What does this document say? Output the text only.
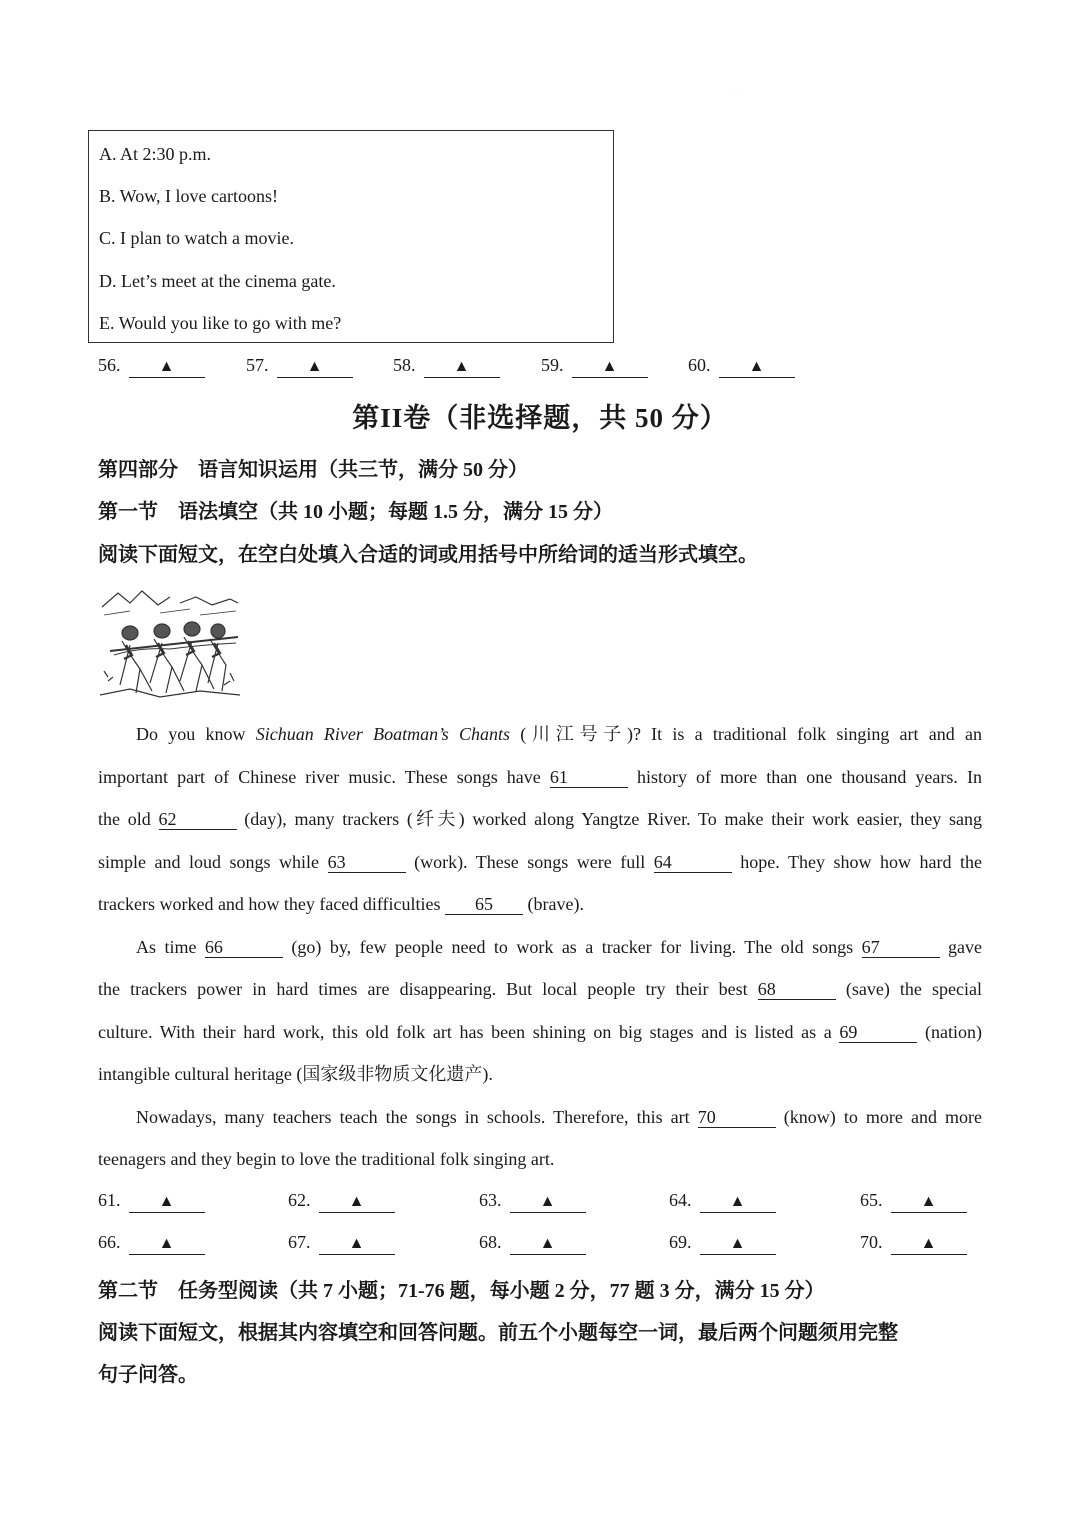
·
A. At 2:30 p.m.
B. Wow, I love cartoons!
C. I plan to watch a movie.
D. Let’s meet at the cinema gate.
E. Would you like to go with me?
56. ▲	57. ▲	58. ▲	59. ▲	60. ▲
第II卷（非选择题，共 50 分）
第四部分　语言知识运用（共三节，满分 50 分）
第一节　语法填空（共 10 小题；每题 1.5 分，满分 15 分）
阅读下面短文，在空白处填入合适的词或用括号中所给词的适当形式填空。
Do you know Sichuan River Boatman’s Chants (川江号子)? It is a traditional folk singing art and an
important part of Chinese river music. These songs have 61	history of more than one thousand years. In
the old 62	(day), many trackers (纤夫) worked along Yangtze River. To make their work easier, they sang
simple and loud songs while 63	(work). These songs were full 64	hope. They show how hard the
trackers worked and how they faced difficulties 65 (brave).
As time 66	(go) by, few people need to work as a tracker for living. The old songs 67	gave
the trackers power in hard times are disappearing. But local people try their best 68	(save) the special
culture. With their hard work, this old folk art has been shining on big stages and is listed as a 69	(nation)
intangible cultural heritage (国家级非物质文化遗产).
Nowadays, many teachers teach the songs in schools. Therefore, this art 70	(know) to more and more
teenagers and they begin to love the traditional folk singing art.
61. ▲	62. ▲	63. ▲	64. ▲	65. ▲
66. ▲	67. ▲	68. ▲	69. ▲	70. ▲
第二节　任务型阅读（共 7 小题；71-76 题，每小题 2 分，77 题 3 分，满分 15 分）
阅读下面短文，根据其内容填空和回答问题。前五个小题每空一词，最后两个问题须用完整
句子问答。
